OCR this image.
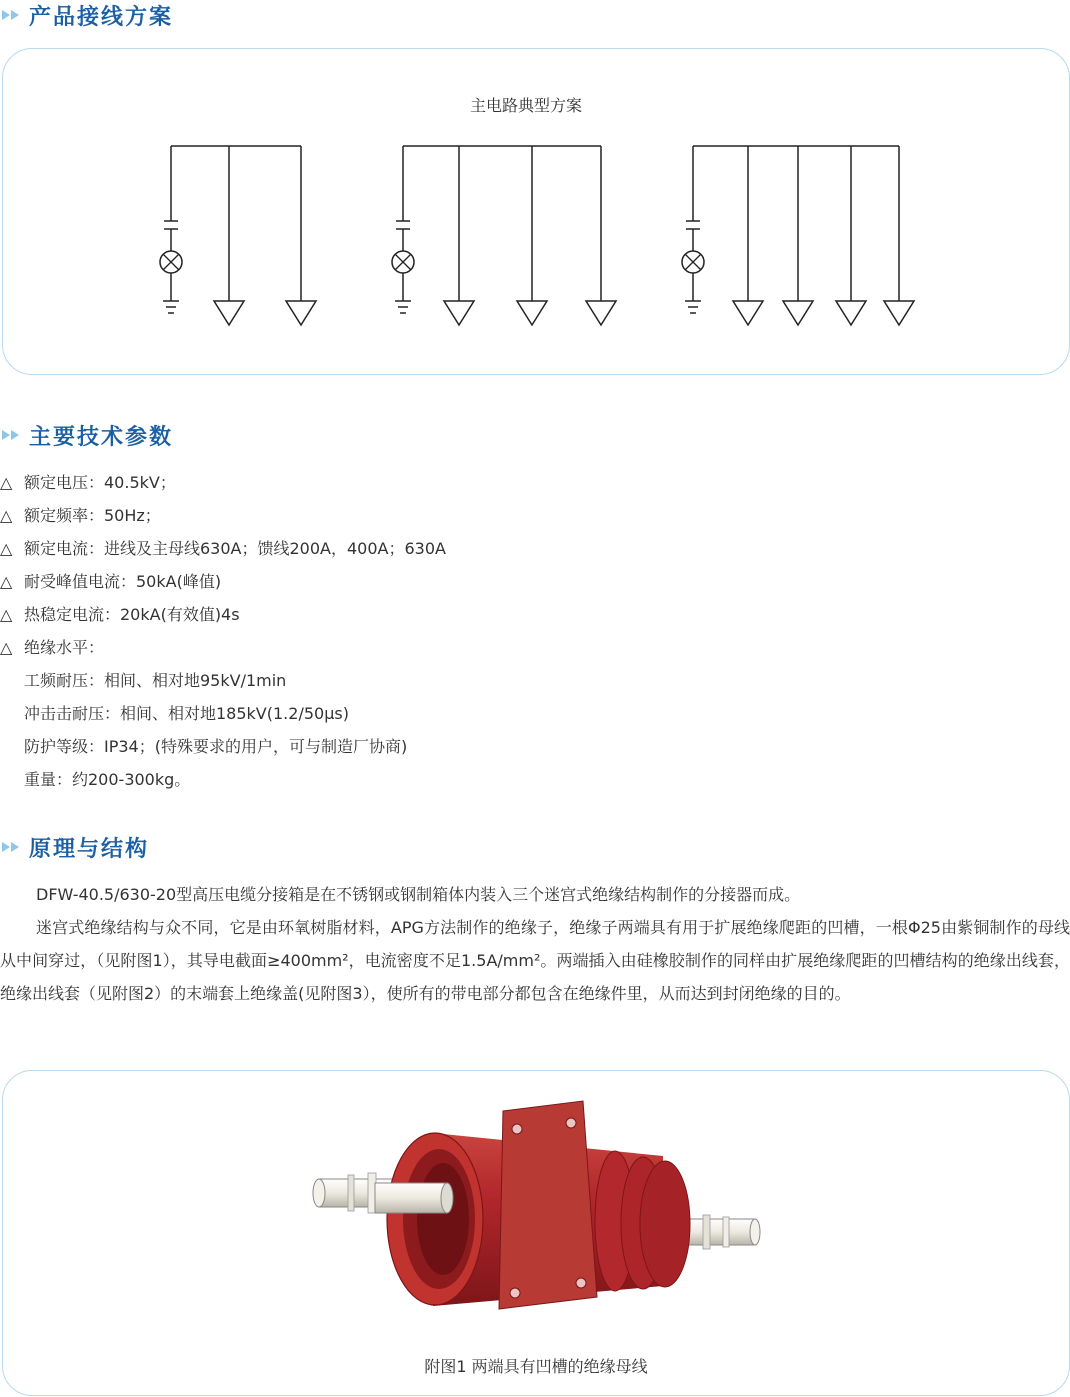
产品接线方案
主电路典型方案
主要技术参数
△ 额定电压：40.5kV；
△ 额定频率：50Hz；
△ 额定电流：进线及主母线630A；馈线200A，400A；630A
△ 耐受峰值电流：50kA(峰值)
△ 热稳定电流：20kA(有效值)4s
△ 绝缘水平：
工频耐压：相间、相对地95kV/1min
冲击击耐压：相间、相对地185kV(1.2/50μs)
防护等级：IP34；(特殊要求的用户，可与制造厂协商)
重量：约200-300kg。
原理与结构

DFW-40.5/630-20型高压电缆分接箱是在不锈钢或钢制箱体内装入三个迷宫式绝缘结构制作的分接器而成。

迷宫式绝缘结构与众不同，它是由环氧树脂材料，APG方法制作的绝缘子，绝缘子两端具有用于扩展绝缘爬距的凹槽，一根Φ25由紫铜制作的母线从中间穿过，（见附图1），其导电截面≥400mm²，电流密度不足1.5A/mm²。两端插入由硅橡胶制作的同样由扩展绝缘爬距的凹槽结构的绝缘出线套，绝缘出线套（见附图2）的末端套上绝缘盖(见附图3），使所有的带电部分都包含在绝缘件里，从而达到封闭绝缘的目的。

附图1 两端具有凹槽的绝缘母线
